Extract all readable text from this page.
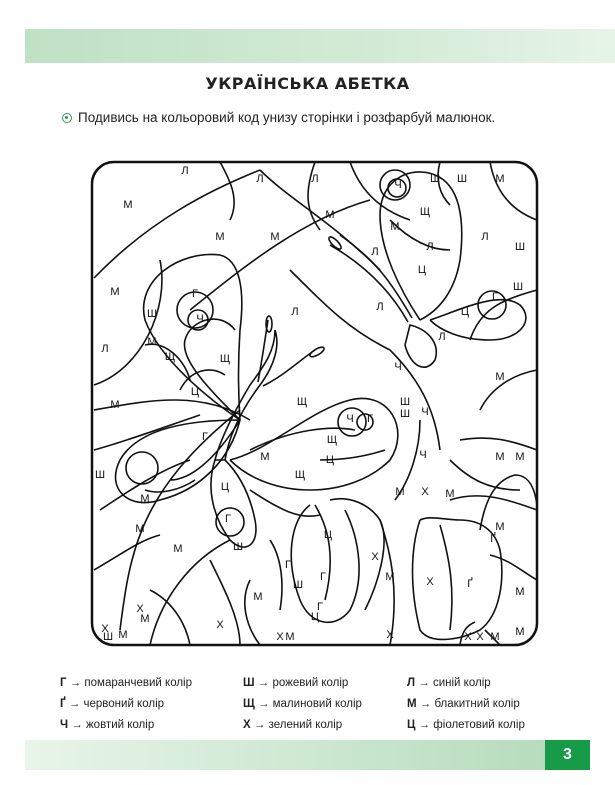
УКРАЇНСЬКА АБЕТКА
Подивись на кольоровий код унизу сторінки і розфарбуй малюнок.
Л
Л	Л
М
Ч	Ш Ш	М
М	М
М
М
Щ
Л
Л
Ш
М	Г
Ш
Ц
Л
Г
Ц
Ш
Ч
Л
М
Щ	Щ
Л
Л
Л
Ч
М
Ц
Щ	Ш
М
Ч
Г
Ч
М
Г
Ц
Щ
Ш
Щ
М
Ч	М
Ц
Ш
М
Х М
М
Г
М
Ш
М
Ц
Г
М
Ґ
Ш
Х
Х	Г
Х	Ґ
М
Г
М
Х	Х
М	Х	М
Х	Х Х М
Ц
М
М
Ш
М
Г → помаранчевий колір	Ш → рожевий колір	Л → синій колір
Ґ → червоний колір	Щ → малиновий колір	М → блакитний колір
Ч → жовтий колір	Х → зелений колір	Ц → фіолетовий колір
3
